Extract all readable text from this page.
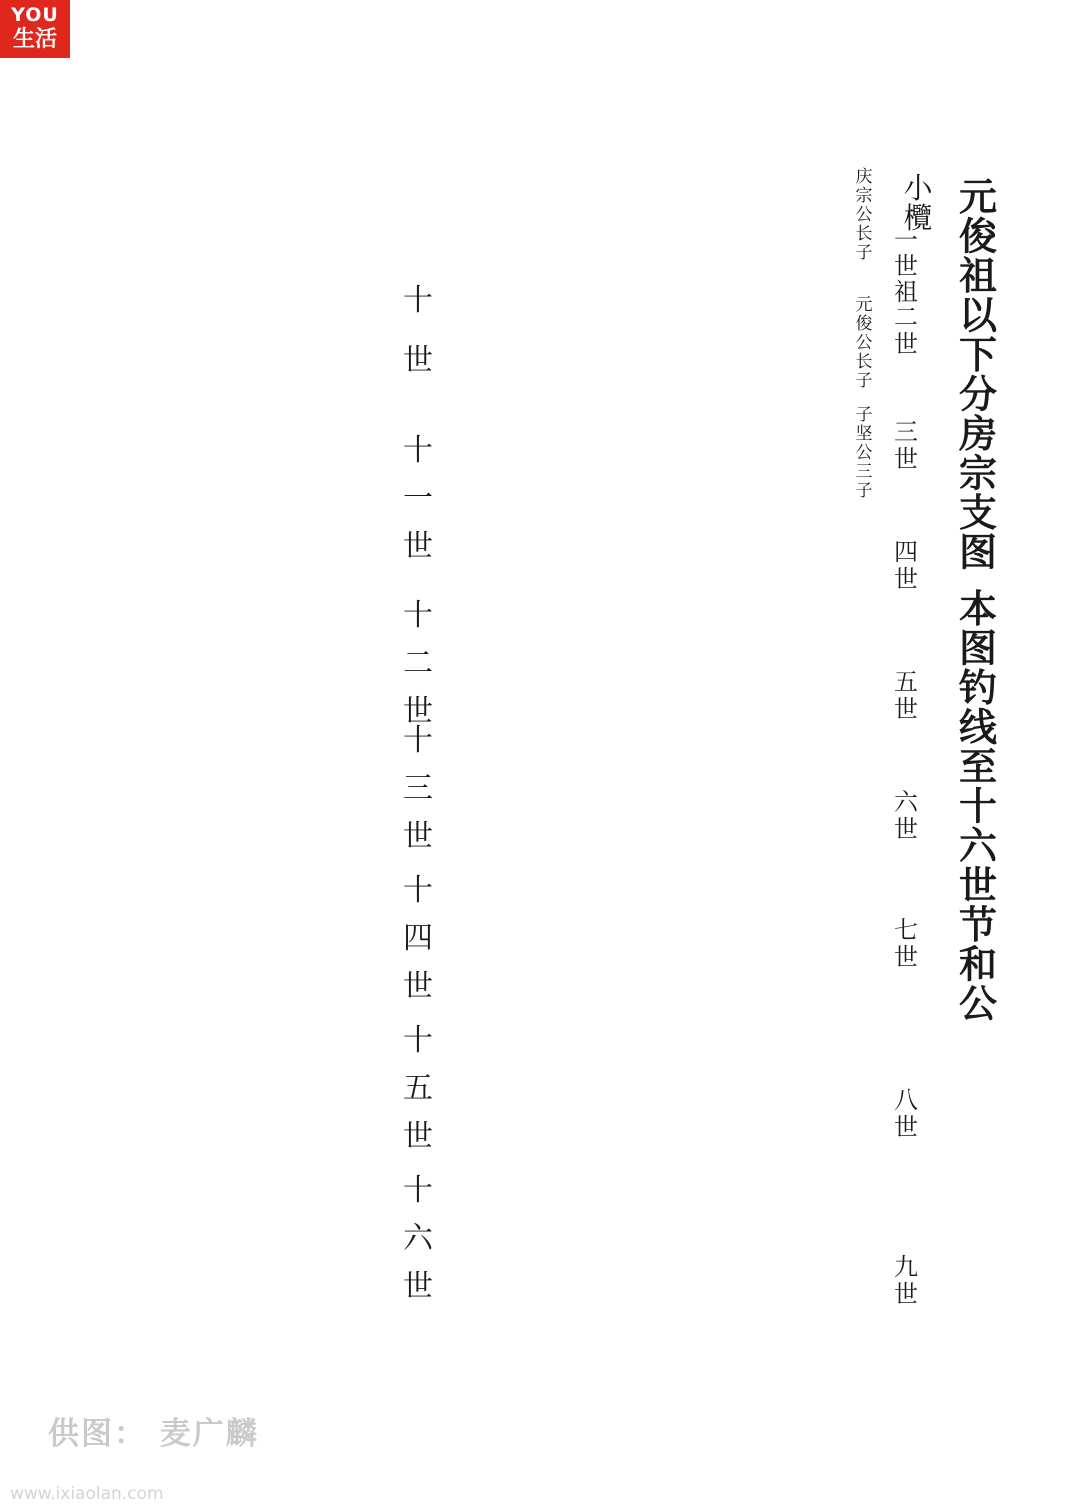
YOU
生活
元俊祖以下分房宗支图
本图钓线至十六世节和公
小欖
一世祖
二世
三世
四世
五世
六世
七世
八世
九世
十世
十一世
十二世
十三世
十四世
十五世
十六世
庆宗公长子
元俊公长子
子坚公三子
供图： 麦广麟
www.ixiaolan.com
